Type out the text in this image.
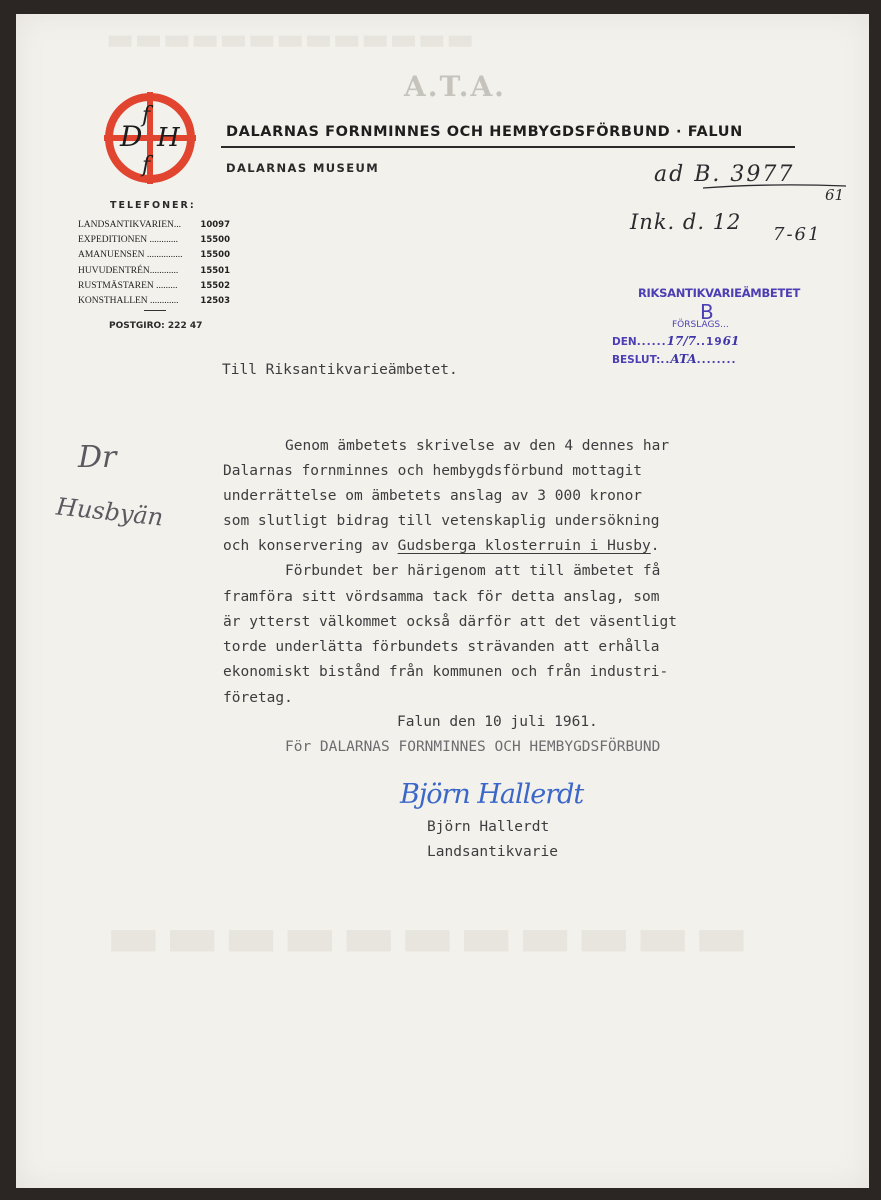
▬▬▬▬▬▬▬▬▬▬▬▬▬
▬▬▬▬▬▬▬▬▬▬▬
A.T.A.
D
f
H
f
DALARNAS FORNMINNES OCH HEMBYGDSFÖRBUND · FALUN
DALARNAS MUSEUM
TELEFONER:
LANDSANTIKVARIEN... 10097
EXPEDITIONEN ............	15500
AMANUENSEN ............... 15500
HUVUDENTRÉN............	15501
RUSTMÄSTAREN .........	15502
KONSTHALLEN ............	12503
POSTGIRO: 222 47
ad B. 3977
61
Ink. d. 12
7-61
RIKSANTIKVARIEÄMBETET
B
FÖRSLAGS...
DEN......17/7..1961
BESLUT:..ATA........
Dr
Husbyän
Till Riksantikvarieämbetet.
Genom ämbetets skrivelse av den 4 dennes har
Dalarnas fornminnes och hembygdsförbund mottagit
underrättelse om ämbetets anslag av 3 000 kronor
som slutligt bidrag till vetenskaplig undersökning
och konservering av Gudsberga klosterruin i Husby.
Förbundet ber härigenom att till ämbetet få
framföra sitt vördsamma tack för detta anslag, som
är ytterst välkommet också därför att det väsentligt
torde underlätta förbundets strävanden att erhålla
ekonomiskt bistånd från kommunen och från industri-
företag.
Falun den 10 juli 1961.
För DALARNAS FORNMINNES OCH HEMBYGDSFÖRBUND
Björn Hallerdt
Björn Hallerdt
Landsantikvarie
